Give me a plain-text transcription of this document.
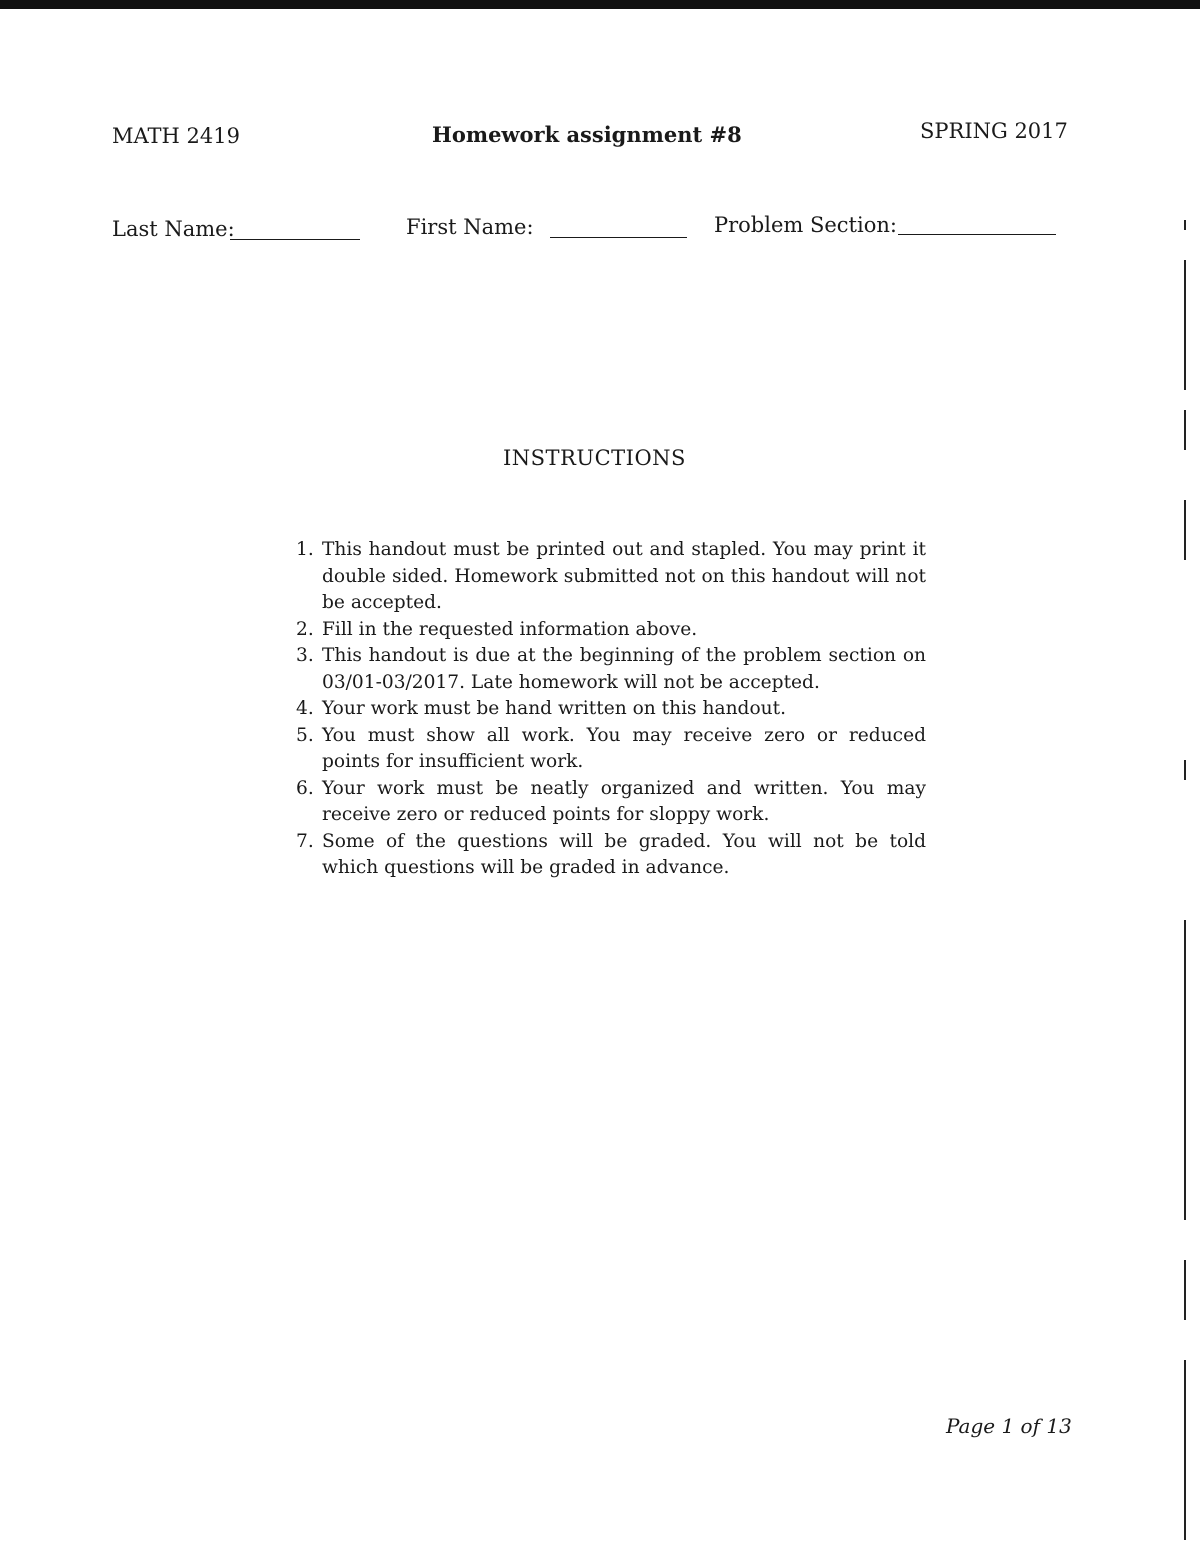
MATH 2419	Homework assignment #8	SPRING 2017
Last Name:	First Name:	Problem Section:
INSTRUCTIONS
1. This handout must be printed out and stapled. You may print it double sided. Homework submitted not on this handout will not be accepted.
2. Fill in the requested information above.
3. This handout is due at the beginning of the problem section on 03/01-03/2017. Late homework will not be accepted.
4. Your work must be hand written on this handout.
5. You must show all work. You may receive zero or reduced points for insufficient work.
6. Your work must be neatly organized and written. You may receive zero or reduced points for sloppy work.
7. Some of the questions will be graded. You will not be told which questions will be graded in advance.
Page 1 of 13
